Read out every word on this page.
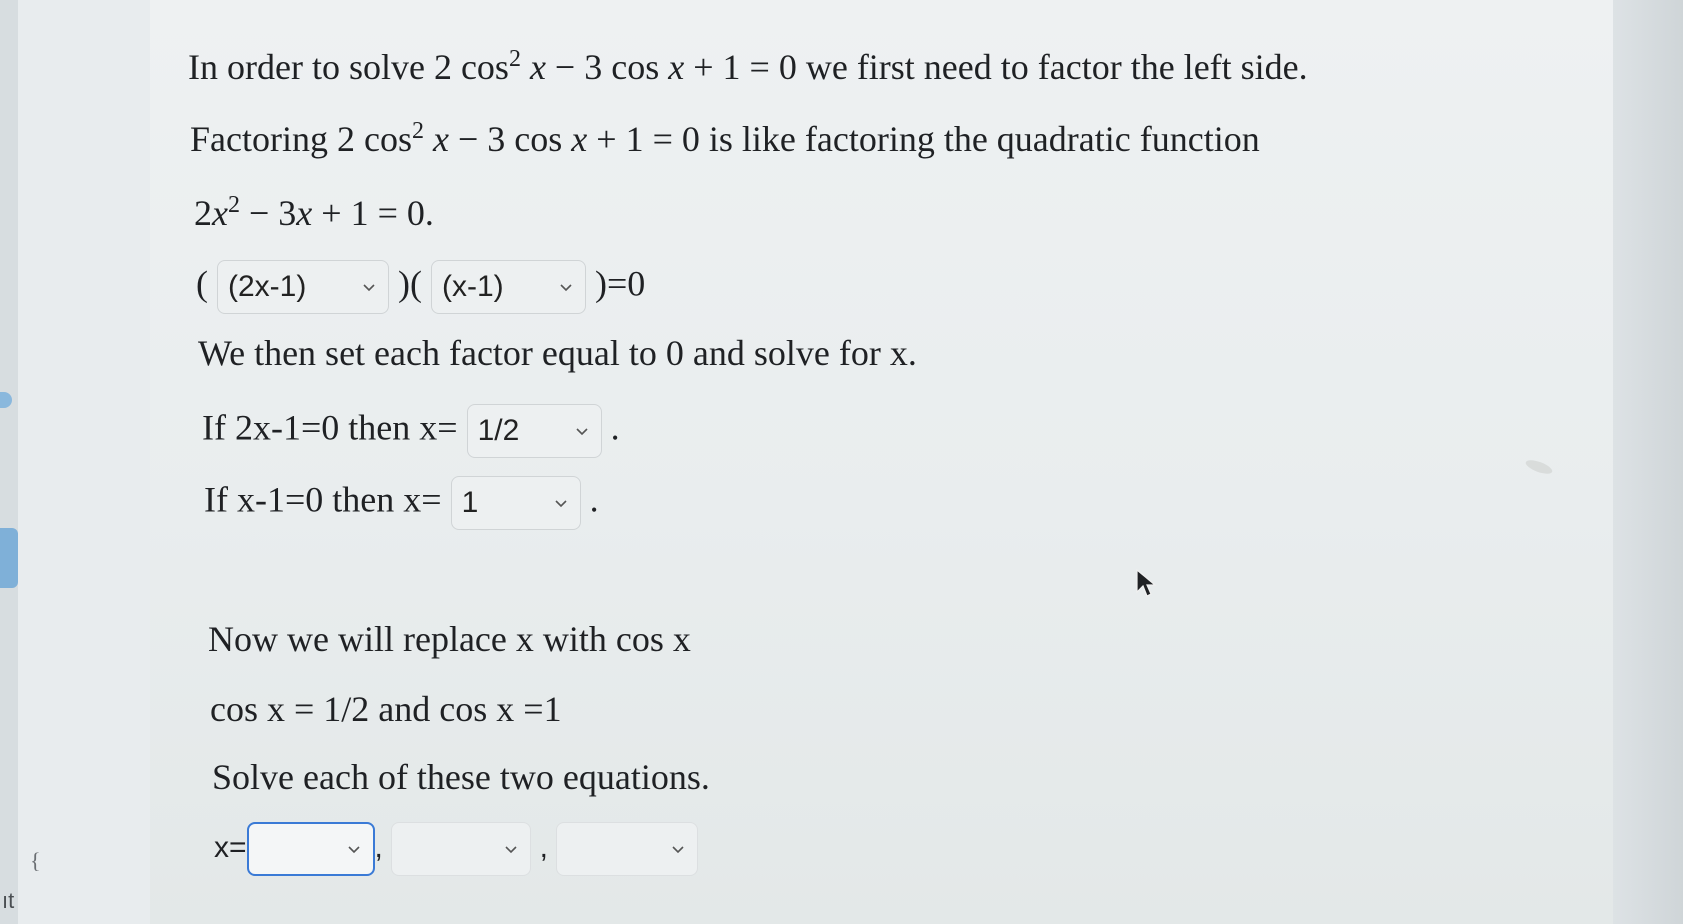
{
ıt
In order to solve 2 $\cos^2 x - 3$ cos x + 1 = 0 we first need to factor the left side.
Factoring 2 $\cos^2 x - 3$ cos x + 1 = 0 is like factoring the quadratic function
$2x^2 - 3x + 1 = 0$.
( (2x-1)	)( (x-1)	)=0
We then set each factor equal to 0 and solve for x.
If 2x-1=0 then x= 1/2	.
If x-1=0 then x= 1	.
Now we will replace x with cos x
cos x = 1/2 and cos x =1
Solve each of these two equations.
x=	,	,
